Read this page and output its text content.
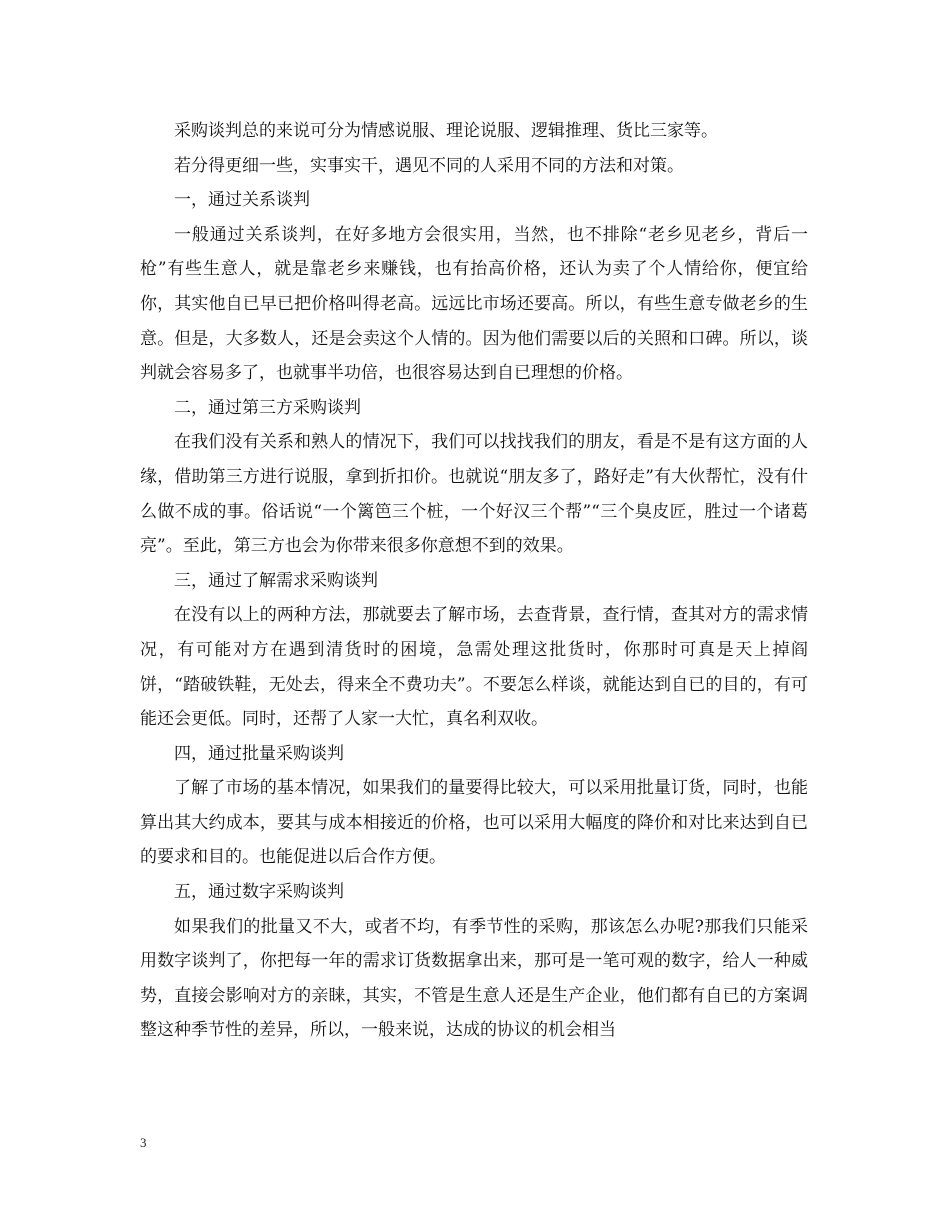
采购谈判总的来说可分为情感说服、理论说服、逻辑推理、货比三家等。

若分得更细一些，实事实干，遇见不同的人采用不同的方法和对策。

一，通过关系谈判

一般通过关系谈判，在好多地方会很实用，当然，也不排除“老乡见老乡，背后一枪”有些生意人，就是靠老乡来赚钱，也有抬高价格，还认为卖了个人情给你，便宜给你，其实他自已早已把价格叫得老高。远远比市场还要高。所以，有些生意专做老乡的生意。但是，大多数人，还是会卖这个人情的。因为他们需要以后的关照和口碑。所以，谈判就会容易多了，也就事半功倍，也很容易达到自已理想的价格。

二，通过第三方采购谈判

在我们没有关系和熟人的情况下，我们可以找找我们的朋友，看是不是有这方面的人缘，借助第三方进行说服，拿到折扣价。也就说“朋友多了，路好走”有大伙帮忙，没有什么做不成的事。俗话说“一个篱笆三个桩，一个好汉三个帮”“三个臭皮匠，胜过一个诸葛亮”。至此，第三方也会为你带来很多你意想不到的效果。

三，通过了解需求采购谈判

在没有以上的两种方法，那就要去了解市场，去查背景，查行情，查其对方的需求情况，有可能对方在遇到清货时的困境，急需处理这批货时，你那时可真是天上掉阎饼，“踏破铁鞋，无处去，得来全不费功夫”。不要怎么样谈，就能达到自已的目的，有可能还会更低。同时，还帮了人家一大忙，真名利双收。

四，通过批量采购谈判

了解了市场的基本情况，如果我们的量要得比较大，可以采用批量订货，同时，也能算出其大约成本，要其与成本相接近的价格，也可以采用大幅度的降价和对比来达到自已的要求和目的。也能促进以后合作方便。

五，通过数字采购谈判

如果我们的批量又不大，或者不均，有季节性的采购，那该怎么办呢?那我们只能采用数字谈判了，你把每一年的需求订货数据拿出来，那可是一笔可观的数字，给人一种威势，直接会影响对方的亲睐，其实，不管是生意人还是生产企业，他们都有自已的方案调整这种季节性的差异，所以，一般来说，达成的协议的机会相当

3
